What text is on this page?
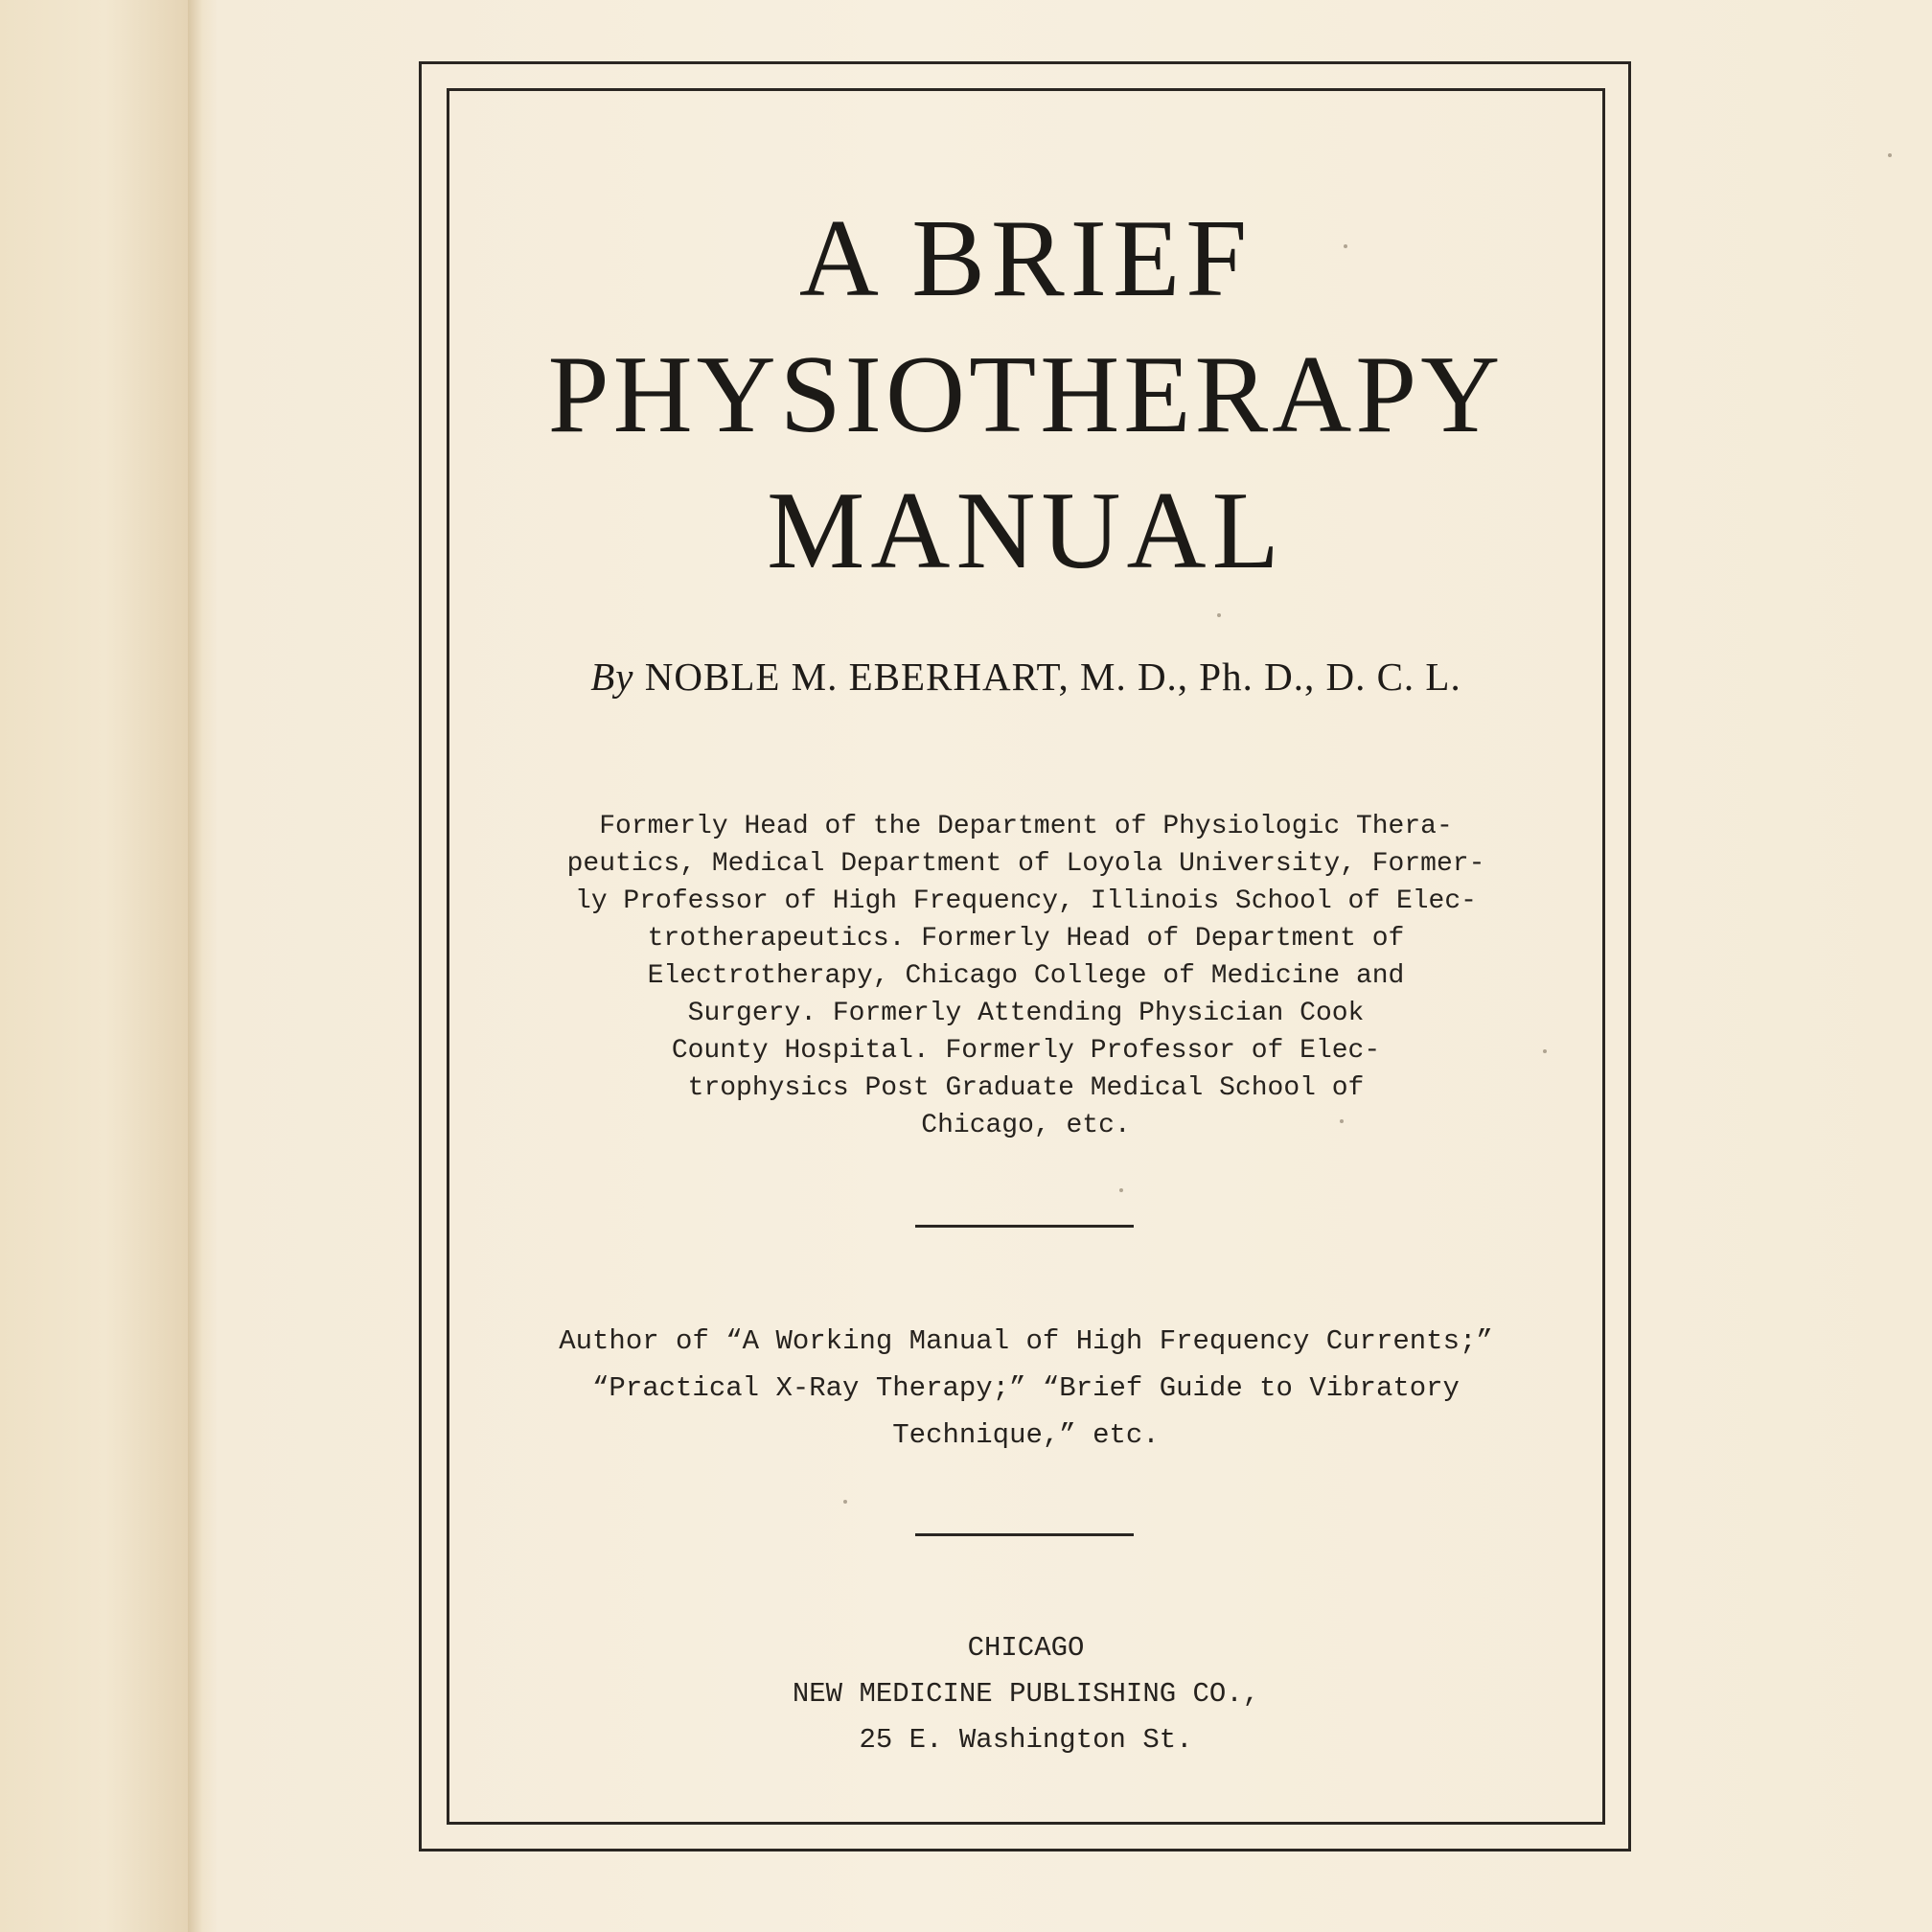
A BRIEF
PHYSIOTHERAPY
MANUAL
By NOBLE M. EBERHART, M. D., Ph. D., D. C. L.
Formerly Head of the Department of Physiologic Thera-
peutics, Medical Department of Loyola University, Former-
ly Professor of High Frequency, Illinois School of Elec-
trotherapeutics. Formerly Head of Department of
Electrotherapy, Chicago College of Medicine and
Surgery. Formerly Attending Physician Cook
County Hospital. Formerly Professor of Elec-
trophysics Post Graduate Medical School of
Chicago, etc.
Author of “A Working Manual of High Frequency Currents;”
“Practical X-Ray Therapy;” “Brief Guide to Vibratory
Technique,” etc.
CHICAGO
NEW MEDICINE PUBLISHING CO.,
25 E. Washington St.
